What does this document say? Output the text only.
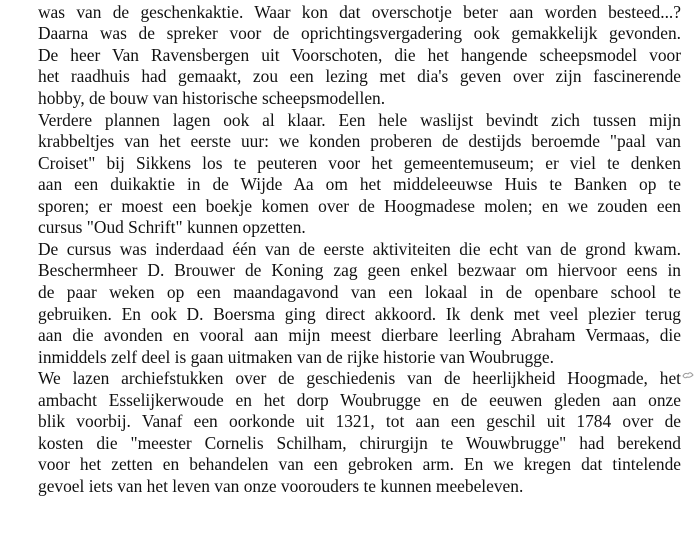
was van de geschenkaktie. Waar kon dat overschotje beter aan worden besteed...?
Daarna was de spreker voor de oprichtingsvergadering ook gemakkelijk gevonden.
De heer Van Ravensbergen uit Voorschoten, die het hangende scheepsmodel voor
het raadhuis had gemaakt, zou een lezing met dia's geven over zijn fascinerende
hobby, de bouw van historische scheepsmodellen.
Verdere plannen lagen ook al klaar. Een hele waslijst bevindt zich tussen mijn
krabbeltjes van het eerste uur: we konden proberen de destijds beroemde "paal van
Croiset" bij Sikkens los te peuteren voor het gemeentemuseum; er viel te denken
aan een duikaktie in de Wijde Aa om het middeleeuwse Huis te Banken op te
sporen; er moest een boekje komen over de Hoogmadese molen; en we zouden een
cursus "Oud Schrift" kunnen opzetten.
De cursus was inderdaad één van de eerste aktiviteiten die echt van de grond kwam.
Beschermheer D. Brouwer de Koning zag geen enkel bezwaar om hiervoor eens in
de paar weken op een maandagavond van een lokaal in de openbare school te
gebruiken. En ook D. Boersma ging direct akkoord. Ik denk met veel plezier terug
aan die avonden en vooral aan mijn meest dierbare leerling Abraham Vermaas, die
inmiddels zelf deel is gaan uitmaken van de rijke historie van Woubrugge.
We lazen archiefstukken over de geschiedenis van de heerlijkheid Hoogmade, het
ambacht Esselijkerwoude en het dorp Woubrugge en de eeuwen gleden aan onze
blik voorbij. Vanaf een oorkonde uit 1321, tot aan een geschil uit 1784 over de
kosten die "meester Cornelis Schilham, chirurgijn te Wouwbrugge" had berekend
voor het zetten en behandelen van een gebroken arm. En we kregen dat tintelende
gevoel iets van het leven van onze voorouders te kunnen meebeleven.
